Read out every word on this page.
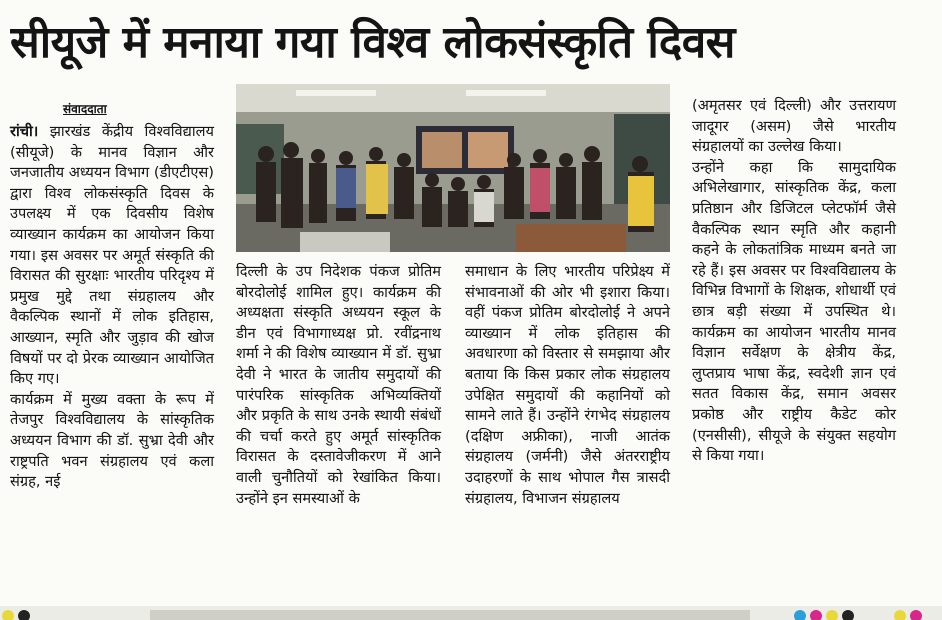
सीयूजे में मनाया गया विश्व लोकसंस्कृति दिवस
संवाददाता

रांची। झारखंड केंद्रीय विश्वविद्यालय (सीयूजे) के मानव विज्ञान और जनजातीय अध्ययन विभाग (डीएटीएस) द्वारा विश्व लोकसंस्कृति दिवस के उपलक्ष्य में एक दिवसीय विशेष व्याख्यान कार्यक्रम का आयोजन किया गया। इस अवसर पर अमूर्त संस्कृति की विरासत की सुरक्षाः भारतीय परिदृश्य में प्रमुख मुद्दे तथा संग्रहालय और वैकल्पिक स्थानों में लोक इतिहास, आख्यान, स्मृति और जुड़ाव की खोज विषयों पर दो प्रेरक व्याख्यान आयोजित किए गए।

कार्यक्रम में मुख्य वक्ता के रूप में तेजपुर विश्वविद्यालय के सांस्कृतिक अध्ययन विभाग की डॉ. सुभ्रा देवी और राष्ट्रपति भवन संग्रहालय एवं कला संग्रह, नई

दिल्ली के उप निदेशक पंकज प्रोतिम बोरदोलोई शामिल हुए। कार्यक्रम की अध्यक्षता संस्कृति अध्ययन स्कूल के डीन एवं विभागाध्यक्ष प्रो. रवींद्रनाथ शर्मा ने की विशेष व्याख्यान में डॉ. सुभ्रा देवी ने भारत के जातीय समुदायों की पारंपरिक सांस्कृतिक अभिव्यक्तियों और प्रकृति के साथ उनके स्थायी संबंधों की चर्चा करते हुए अमूर्त सांस्कृतिक विरासत के दस्तावेजीकरण में आने वाली चुनौतियों को रेखांकित किया। उन्होंने इन समस्याओं के

समाधान के लिए भारतीय परिप्रेक्ष्य में संभावनाओं की ओर भी इशारा किया। वहीं पंकज प्रोतिम बोरदोलोई ने अपने व्याख्यान में लोक इतिहास की अवधारणा को विस्तार से समझाया और बताया कि किस प्रकार लोक संग्रहालय उपेक्षित समुदायों की कहानियों को सामने लाते हैं। उन्होंने रंगभेद संग्रहालय (दक्षिण अफ्रीका), नाजी आतंक संग्रहालय (जर्मनी) जैसे अंतरराष्ट्रीय उदाहरणों के साथ भोपाल गैस त्रासदी संग्रहालय, विभाजन संग्रहालय

(अमृतसर एवं दिल्ली) और उत्तरायण जादूगर (असम) जैसे भारतीय संग्रहालयों का उल्लेख किया।

उन्होंने कहा कि सामुदायिक अभिलेखागार, सांस्कृतिक केंद्र, कला प्रतिष्ठान और डिजिटल प्लेटफॉर्म जैसे वैकल्पिक स्थान स्मृति और कहानी कहने के लोकतांत्रिक माध्यम बनते जा रहे हैं। इस अवसर पर विश्वविद्यालय के विभिन्न विभागों के शिक्षक, शोधार्थी एवं छात्र बड़ी संख्या में उपस्थित थे। कार्यक्रम का आयोजन भारतीय मानव विज्ञान सर्वेक्षण के क्षेत्रीय केंद्र, लुप्तप्राय भाषा केंद्र, स्वदेशी ज्ञान एवं सतत विकास केंद्र, समान अवसर प्रकोष्ठ और राष्ट्रीय कैडेट कोर (एनसीसी), सीयूजे के संयुक्त सहयोग से किया गया।
